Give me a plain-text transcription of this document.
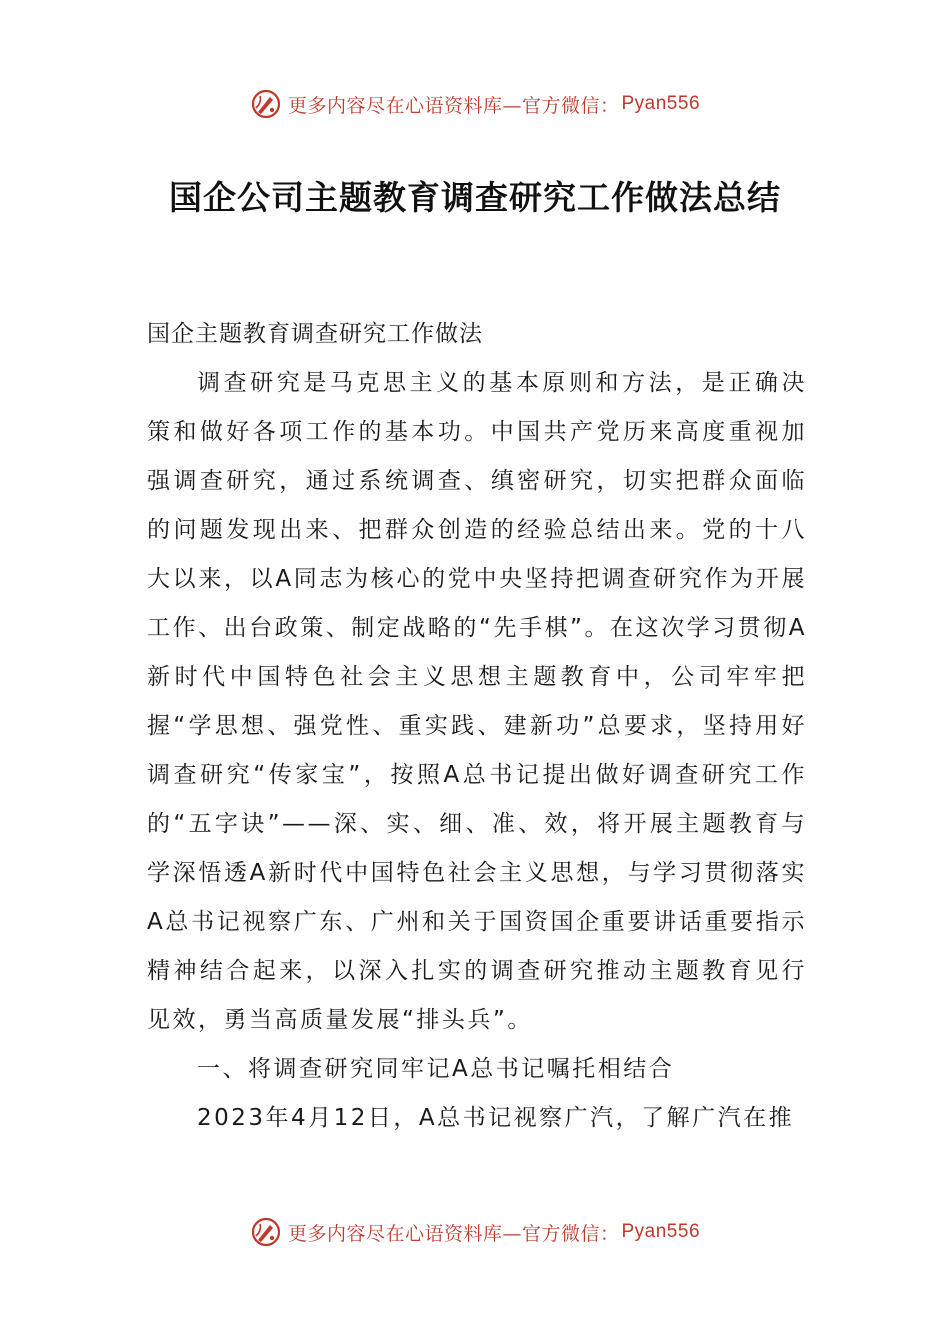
更多内容尽在心语资料库—官方微信： Pyan556
国企公司主题教育调查研究工作做法总结

国企主题教育调查研究工作做法

调查研究是马克思主义的基本原则和方法，是正确决策和做好各项工作的基本功。中国共产党历来高度重视加强调查研究，通过系统调查、缜密研究，切实把群众面临的问题发现出来、把群众创造的经验总结出来。党的十八大以来，以A同志为核心的党中央坚持把调查研究作为开展工作、出台政策、制定战略的“先手棋”。在这次学习贯彻A新时代中国特色社会主义思想主题教育中，公司牢牢把握“学思想、强党性、重实践、建新功”总要求，坚持用好调查研究“传家宝”，按照A总书记提出做好调查研究工作的“五字诀”——深、实、细、准、效，将开展主题教育与学深悟透A新时代中国特色社会主义思想，与学习贯彻落实A总书记视察广东、广州和关于国资国企重要讲话重要指示精神结合起来，以深入扎实的调查研究推动主题教育见行见效，勇当高质量发展“排头兵”。

一、将调查研究同牢记A总书记嘱托相结合

2023年4月12日，A总书记视察广汽，了解广汽在推

更多内容尽在心语资料库—官方微信： Pyan556
